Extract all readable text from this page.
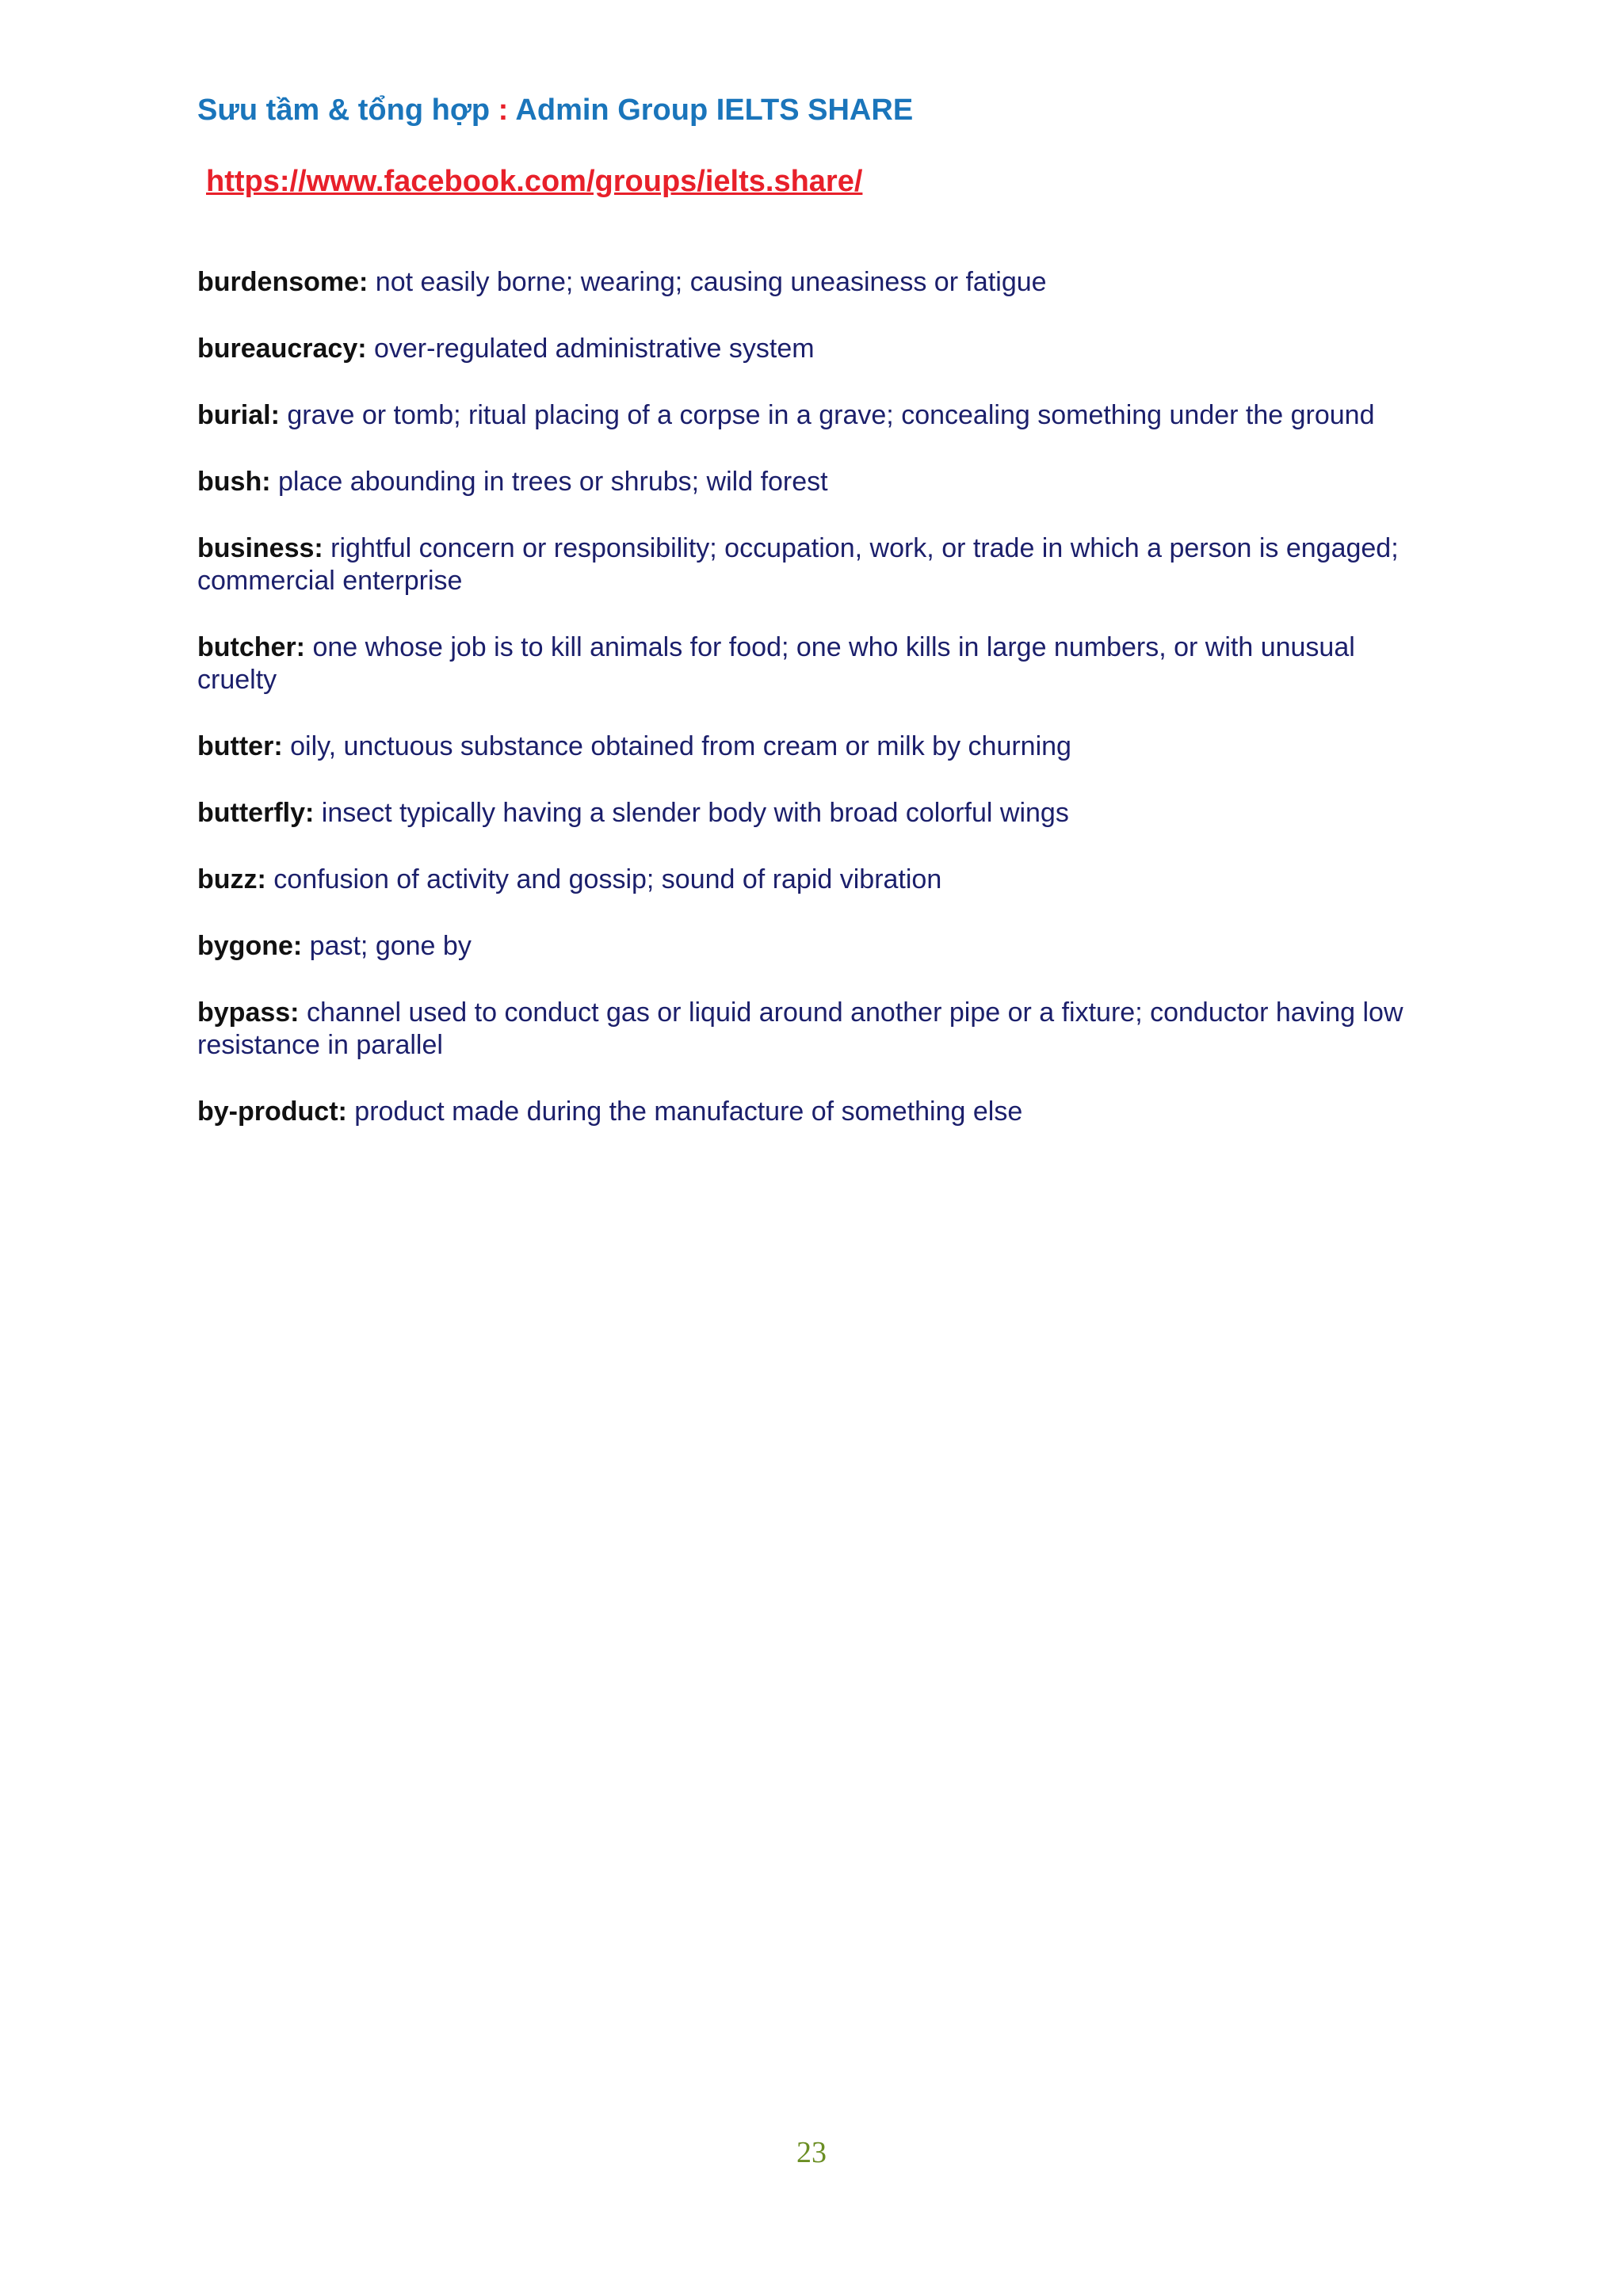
Sưu tầm & tổng hợp : Admin Group IELTS SHARE
https://www.facebook.com/groups/ielts.share/

burdensome: not easily borne; wearing; causing uneasiness or fatigue

bureaucracy: over-regulated administrative system

burial: grave or tomb; ritual placing of a corpse in a grave; concealing something under the ground

bush: place abounding in trees or shrubs; wild forest

business: rightful concern or responsibility; occupation, work, or trade in which a person is engaged; commercial enterprise

butcher: one whose job is to kill animals for food; one who kills in large numbers, or with unusual cruelty

butter: oily, unctuous substance obtained from cream or milk by churning

butterfly: insect typically having a slender body with broad colorful wings

buzz: confusion of activity and gossip; sound of rapid vibration

bygone: past; gone by

bypass: channel used to conduct gas or liquid around another pipe or a fixture; conductor having low resistance in parallel

by-product: product made during the manufacture of something else

23
